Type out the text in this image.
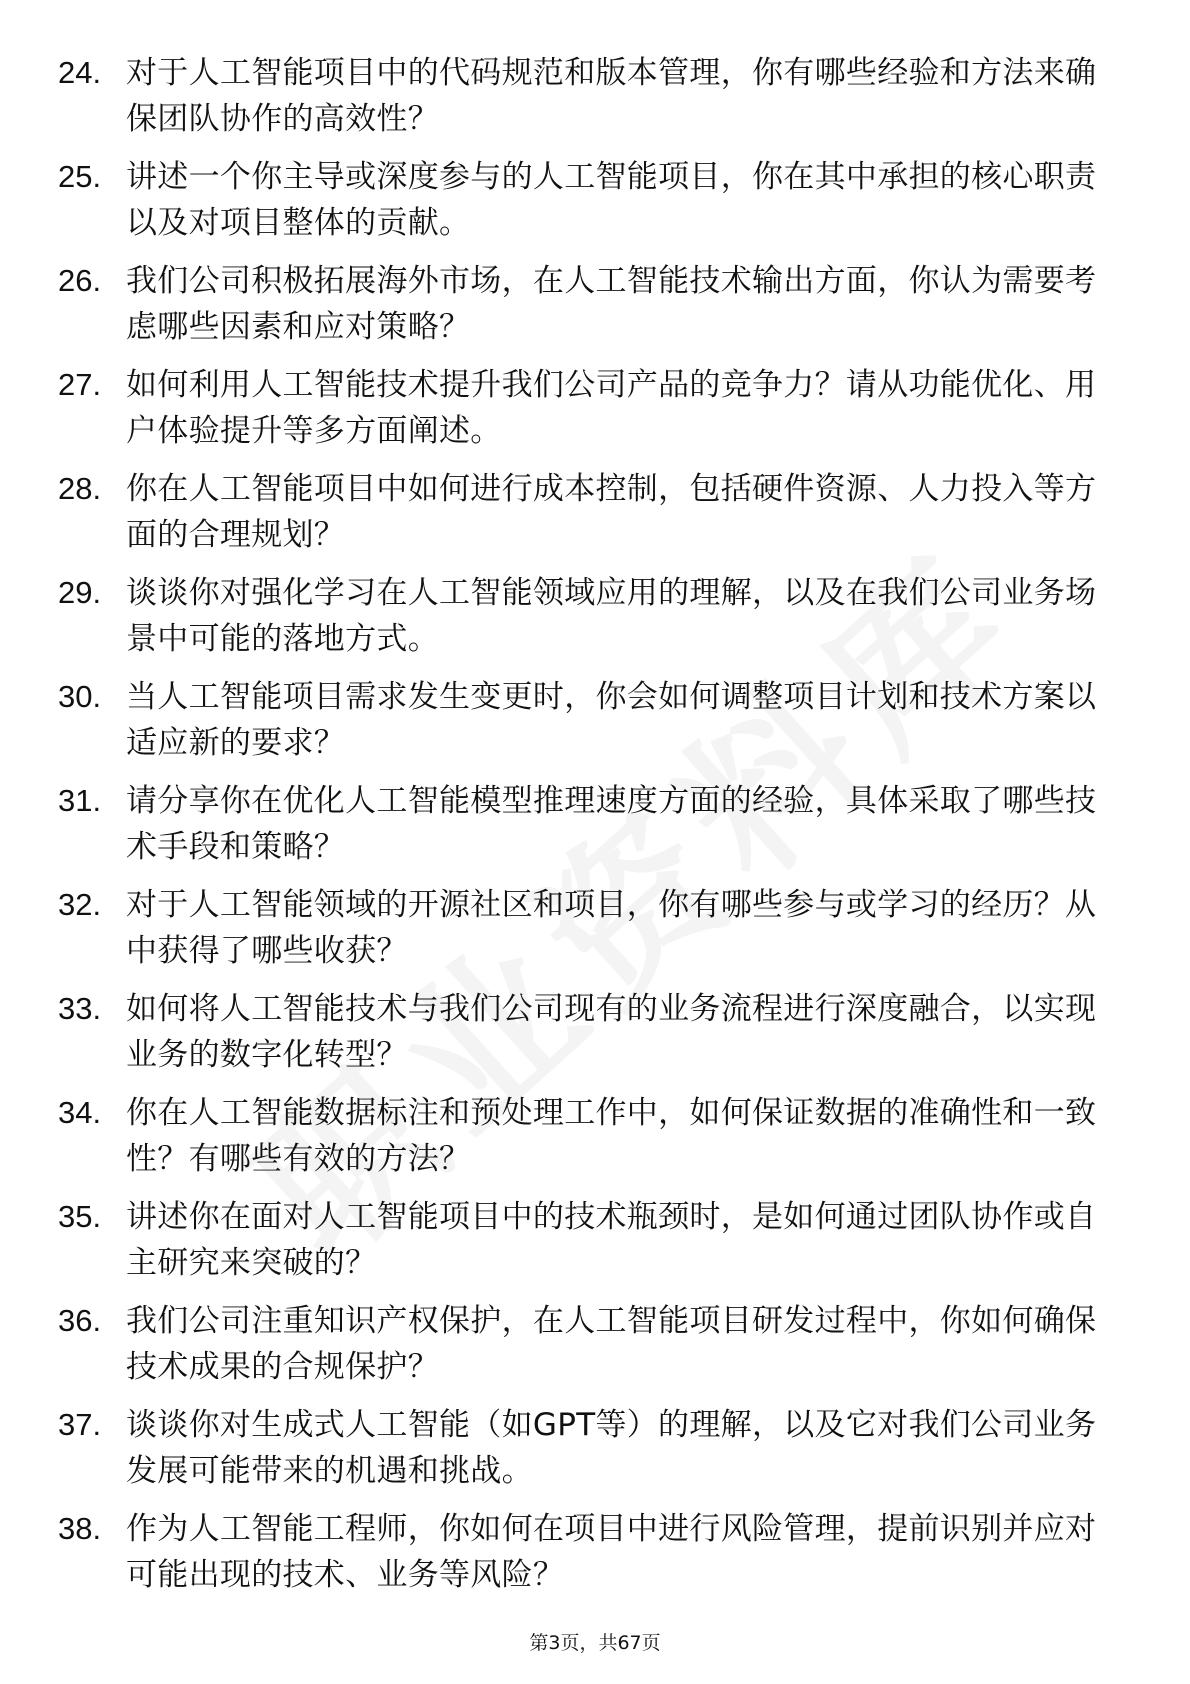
24. 对于人工智能项目中的代码规范和版本管理，你有哪些经验和方法来确保团队协作的高效性？
25. 讲述一个你主导或深度参与的人工智能项目，你在其中承担的核心职责以及对项目整体的贡献。
26. 我们公司积极拓展海外市场，在人工智能技术输出方面，你认为需要考虑哪些因素和应对策略？
27. 如何利用人工智能技术提升我们公司产品的竞争力？请从功能优化、用户体验提升等多方面阐述。
28. 你在人工智能项目中如何进行成本控制，包括硬件资源、人力投入等方面的合理规划？
29. 谈谈你对强化学习在人工智能领域应用的理解，以及在我们公司业务场景中可能的落地方式。
30. 当人工智能项目需求发生变更时，你会如何调整项目计划和技术方案以适应新的要求？
31. 请分享你在优化人工智能模型推理速度方面的经验，具体采取了哪些技术手段和策略？
32. 对于人工智能领域的开源社区和项目，你有哪些参与或学习的经历？从中获得了哪些收获？
33. 如何将人工智能技术与我们公司现有的业务流程进行深度融合，以实现业务的数字化转型？
34. 你在人工智能数据标注和预处理工作中，如何保证数据的准确性和一致性？有哪些有效的方法？
35. 讲述你在面对人工智能项目中的技术瓶颈时，是如何通过团队协作或自主研究来突破的？
36. 我们公司注重知识产权保护，在人工智能项目研发过程中，你如何确保技术成果的合规保护？
37. 谈谈你对生成式人工智能（如GPT等）的理解，以及它对我们公司业务发展可能带来的机遇和挑战。
38. 作为人工智能工程师，你如何在项目中进行风险管理，提前识别并应对可能出现的技术、业务等风险？
第3页，共67页
